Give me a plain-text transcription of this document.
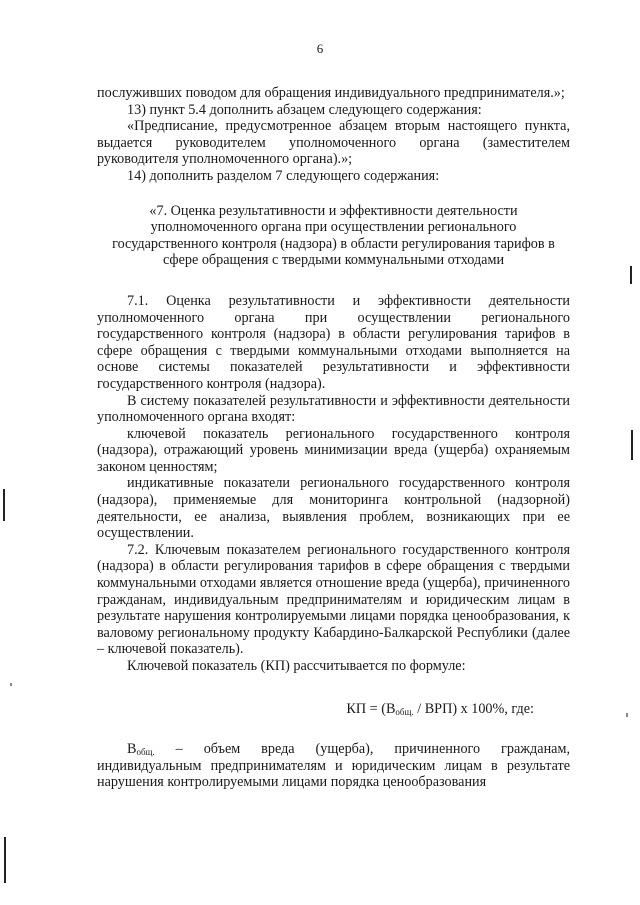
6

послуживших поводом для обращения индивидуального предпринимателя.»;

13) пункт 5.4 дополнить абзацем следующего содержания:

«Предписание, предусмотренное абзацем вторым настоящего пункта, выдается руководителем уполномоченного органа (заместителем руководителя уполномоченного органа).»;

14) дополнить разделом 7 следующего содержания:

«7. Оценка результативности и эффективности деятельности уполномоченного органа при осуществлении регионального государственного контроля (надзора) в области регулирования тарифов в сфере обращения с твердыми коммунальными отходами

7.1. Оценка результативности и эффективности деятельности уполномоченного органа при осуществлении регионального государственного контроля (надзора) в области регулирования тарифов в сфере обращения с твердыми коммунальными отходами выполняется на основе системы показателей результативности и эффективности государственного контроля (надзора).

В систему показателей результативности и эффективности деятельности уполномоченного органа входят:

ключевой показатель регионального государственного контроля (надзора), отражающий уровень минимизации вреда (ущерба) охраняемым законом ценностям;

индикативные показатели регионального государственного контроля (надзора), применяемые для мониторинга контрольной (надзорной) деятельности, ее анализа, выявления проблем, возникающих при ее осуществлении.

7.2. Ключевым показателем регионального государственного контроля (надзора) в области регулирования тарифов в сфере обращения с твердыми коммунальными отходами является отношение вреда (ущерба), причиненного гражданам, индивидуальным предпринимателям и юридическим лицам в результате нарушения контролируемыми лицами порядка ценообразования, к валовому региональному продукту Кабардино-Балкарской Республики (далее – ключевой показатель).

Ключевой показатель (КП) рассчитывается по формуле:

КП = $(В_{общ.} / ВРП)$ х 100%, где:

$В_{общ.}$ – объем вреда (ущерба), причиненного гражданам, индивидуальным предпринимателям и юридическим лицам в результате нарушения контролируемыми лицами порядка ценообразования
